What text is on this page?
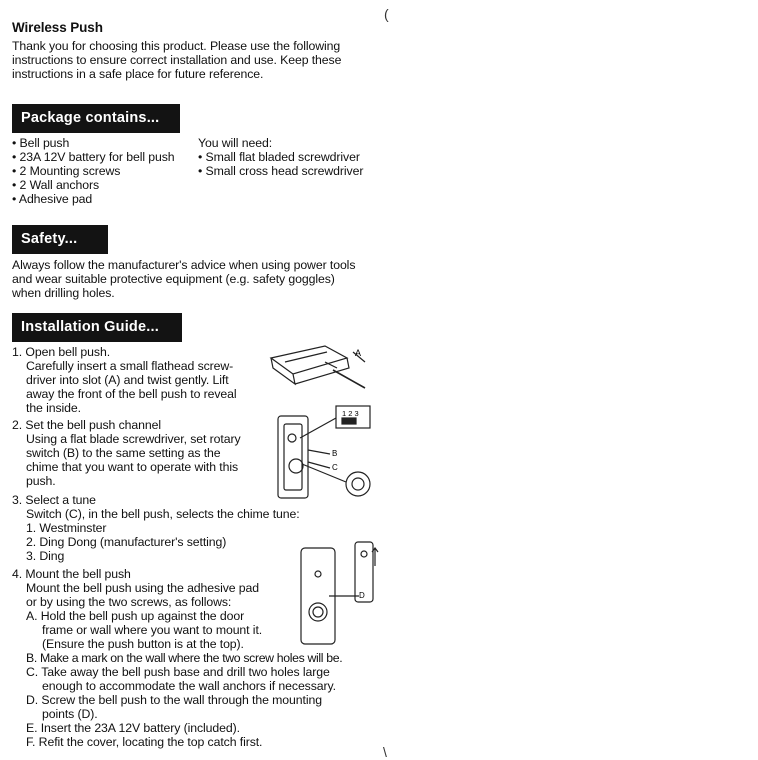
Wireless Push
Thank you for choosing this product. Please use the following
instructions to ensure correct installation and use. Keep these
instructions in a safe place for future reference.
Package contains...
• Bell push
• 23A 12V battery for bell push
• 2 Mounting screws
• 2 Wall anchors
• Adhesive pad
You will need:
• Small flat bladed screwdriver
• Small cross head screwdriver
Safety...
Always follow the manufacturer's advice when using power tools
and wear suitable protective equipment (e.g. safety goggles)
when drilling holes.
Installation Guide...
1. Open bell push.
Carefully insert a small flathead screw-
driver into slot (A) and twist gently. Lift
away the front of the bell push to reveal
the inside.
2. Set the bell push channel
Using a flat blade screwdriver, set rotary
switch (B) to the same setting as the
chime that you want to operate with this
push.
3. Select a tune
Switch (C), in the bell push, selects the chime tune:
1. Westminster
2. Ding Dong (manufacturer's setting)
3. Ding
4. Mount the bell push
Mount the bell push using the adhesive pad
or by using the two screws, as follows:
A. Hold the bell push up against the door
frame or wall where you want to mount it.
(Ensure the push button is at the top).
B. Make a mark on the wall where the two screw holes will be.
C. Take away the bell push base and drill two holes large
enough to accommodate the wall anchors if necessary.
D. Screw the bell push to the wall through the mounting
points (D).
E. Insert the 23A 12V battery (included).
F. Refit the cover, locating the top catch first.
A
1 2 3
B
C
D
(
\
